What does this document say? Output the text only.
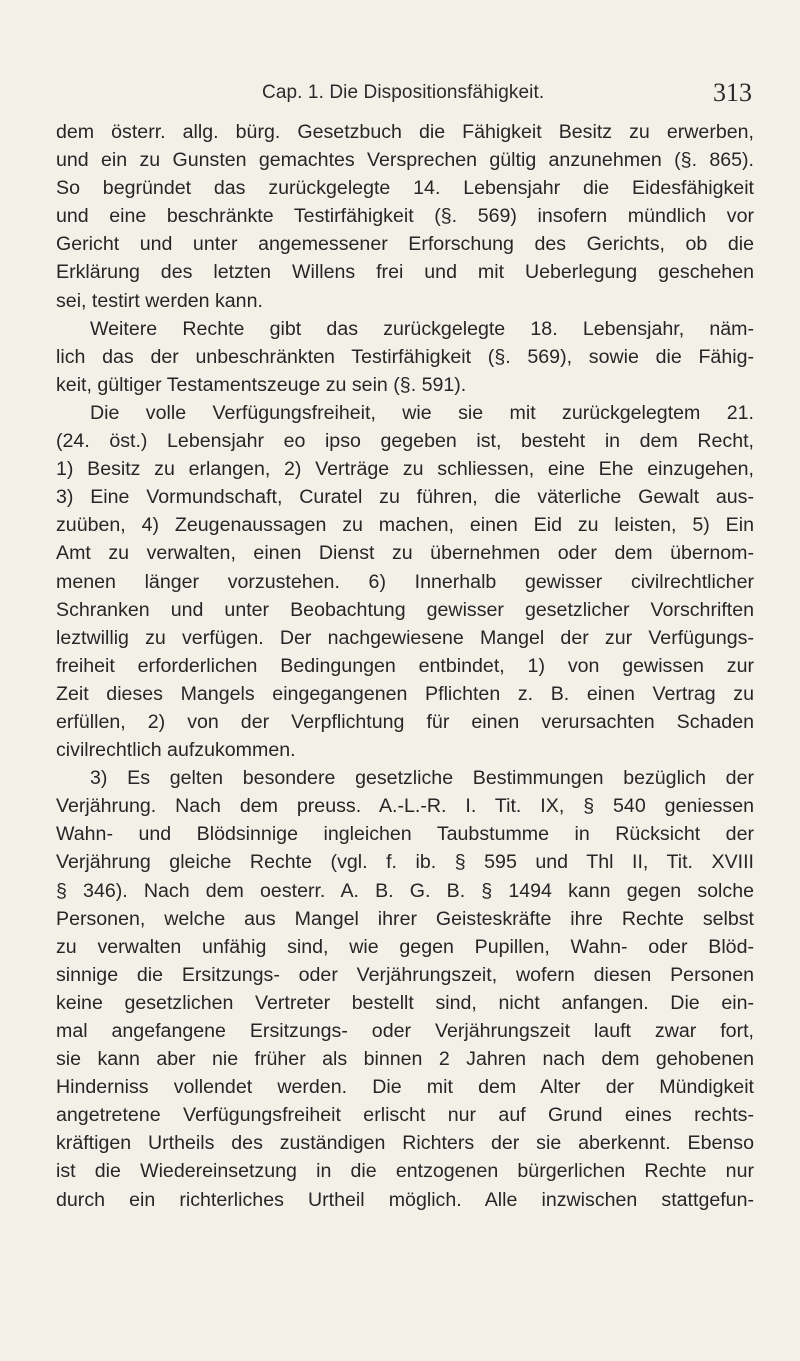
Cap. 1. Die Dispositionsfähigkeit.	313
dem österr. allg. bürg. Gesetzbuch die Fähigkeit Besitz zu erwerben,
und ein zu Gunsten gemachtes Versprechen gültig anzunehmen (§. 865).
So begründet das zurückgelegte 14. Lebensjahr die Eidesfähigkeit
und eine beschränkte Testirfähigkeit (§. 569) insofern mündlich vor
Gericht und unter angemessener Erforschung des Gerichts, ob die
Erklärung des letzten Willens frei und mit Ueberlegung geschehen
sei, testirt werden kann.
Weitere Rechte gibt das zurückgelegte 18. Lebensjahr, näm-
lich das der unbeschränkten Testirfähigkeit (§. 569), sowie die Fähig-
keit, gültiger Testamentszeuge zu sein (§. 591).
Die volle Verfügungsfreiheit, wie sie mit zurückgelegtem 21.
(24. öst.) Lebensjahr eo ipso gegeben ist, besteht in dem Recht,
1) Besitz zu erlangen, 2) Verträge zu schliessen, eine Ehe einzugehen,
3) Eine Vormundschaft, Curatel zu führen, die väterliche Gewalt aus-
zuüben, 4) Zeugenaussagen zu machen, einen Eid zu leisten, 5) Ein
Amt zu verwalten, einen Dienst zu übernehmen oder dem übernom-
menen länger vorzustehen. 6) Innerhalb gewisser civilrechtlicher
Schranken und unter Beobachtung gewisser gesetzlicher Vorschriften
leztwillig zu verfügen. Der nachgewiesene Mangel der zur Verfügungs-
freiheit erforderlichen Bedingungen entbindet, 1) von gewissen zur
Zeit dieses Mangels eingegangenen Pflichten z. B. einen Vertrag zu
erfüllen, 2) von der Verpflichtung für einen verursachten Schaden
civilrechtlich aufzukommen.
3) Es gelten besondere gesetzliche Bestimmungen bezüglich der
Verjährung. Nach dem preuss. A.-L.-R. I. Tit. IX, § 540 geniessen
Wahn- und Blödsinnige ingleichen Taubstumme in Rücksicht der
Verjährung gleiche Rechte (vgl. f. ib. § 595 und Thl II, Tit. XVIII
§ 346). Nach dem oesterr. A. B. G. B. § 1494 kann gegen solche
Personen, welche aus Mangel ihrer Geisteskräfte ihre Rechte selbst
zu verwalten unfähig sind, wie gegen Pupillen, Wahn- oder Blöd-
sinnige die Ersitzungs- oder Verjährungszeit, wofern diesen Personen
keine gesetzlichen Vertreter bestellt sind, nicht anfangen. Die ein-
mal angefangene Ersitzungs- oder Verjährungszeit lauft zwar fort,
sie kann aber nie früher als binnen 2 Jahren nach dem gehobenen
Hinderniss vollendet werden. Die mit dem Alter der Mündigkeit
angetretene Verfügungsfreiheit erlischt nur auf Grund eines rechts-
kräftigen Urtheils des zuständigen Richters der sie aberkennt. Ebenso
ist die Wiedereinsetzung in die entzogenen bürgerlichen Rechte nur
durch ein richterliches Urtheil möglich. Alle inzwischen stattgefun-
